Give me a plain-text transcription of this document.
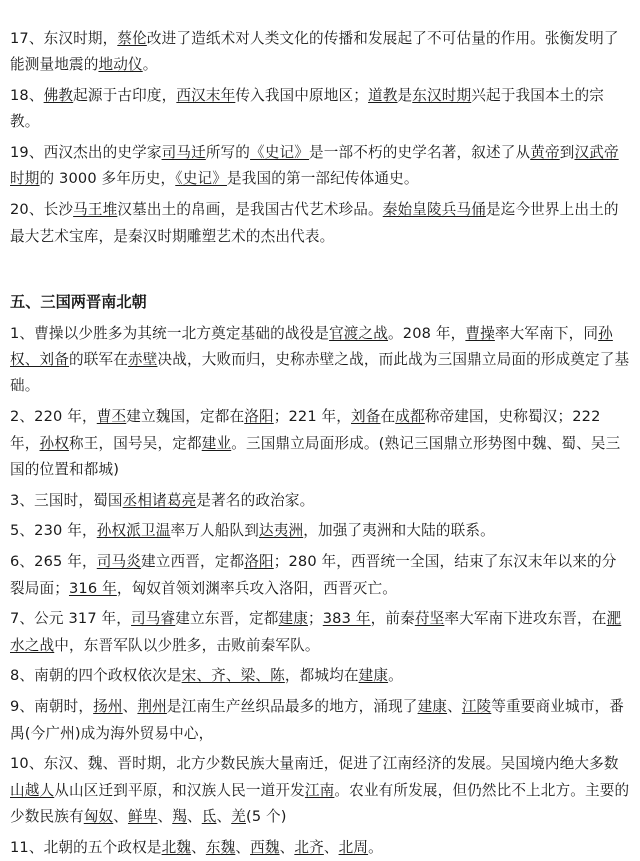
17、东汉时期，蔡伦改进了造纸术对人类文化的传播和发展起了不可估量的作用。张衡发明了能测量地震的地动仪。

18、佛教起源于古印度，西汉末年传入我国中原地区；道教是东汉时期兴起于我国本土的宗教。

19、西汉杰出的史学家司马迁所写的《史记》是一部不朽的史学名著，叙述了从黄帝到汉武帝时期的 3000 多年历史，《史记》是我国的第一部纪传体通史。

20、长沙马王堆汉墓出土的帛画，是我国古代艺术珍品。秦始皇陵兵马俑是迄今世界上出土的最大艺术宝库，是秦汉时期雕塑艺术的杰出代表。

五、三国两晋南北朝

1、曹操以少胜多为其统一北方奠定基础的战役是官渡之战。208 年，曹操率大军南下，同孙权、刘备的联军在赤壁决战，大败而归，史称赤壁之战，而此战为三国鼎立局面的形成奠定了基础。

2、220 年，曹丕建立魏国，定都在洛阳；221 年，刘备在成都称帝建国，史称蜀汉；222 年，孙权称王，国号吴，定都建业。三国鼎立局面形成。(熟记三国鼎立形势图中魏、蜀、吴三国的位置和都城)

3、三国时，蜀国丞相诸葛亮是著名的政治家。

5、230 年，孙权派卫温率万人船队到达夷洲，加强了夷洲和大陆的联系。

6、265 年，司马炎建立西晋，定都洛阳；280 年，西晋统一全国，结束了东汉末年以来的分裂局面；316 年，匈奴首领刘渊率兵攻入洛阳，西晋灭亡。

7、公元 317 年，司马睿建立东晋，定都建康；383 年，前秦苻坚率大军南下进攻东晋，在淝水之战中，东晋军队以少胜多，击败前秦军队。

8、南朝的四个政权依次是宋、齐、梁、陈，都城均在建康。

9、南朝时，扬州、荆州是江南生产丝织品最多的地方，涌现了建康、江陵等重要商业城市，番禺(今广州)成为海外贸易中心，

10、东汉、魏、晋时期，北方少数民族大量南迁，促进了江南经济的发展。吴国境内绝大多数山越人从山区迁到平原，和汉族人民一道开发江南。农业有所发展，但仍然比不上北方。主要的少数民族有匈奴、鲜卑、羯、氐、羌(5 个)

11、北朝的五个政权是北魏、东魏、西魏、北齐、北周。
